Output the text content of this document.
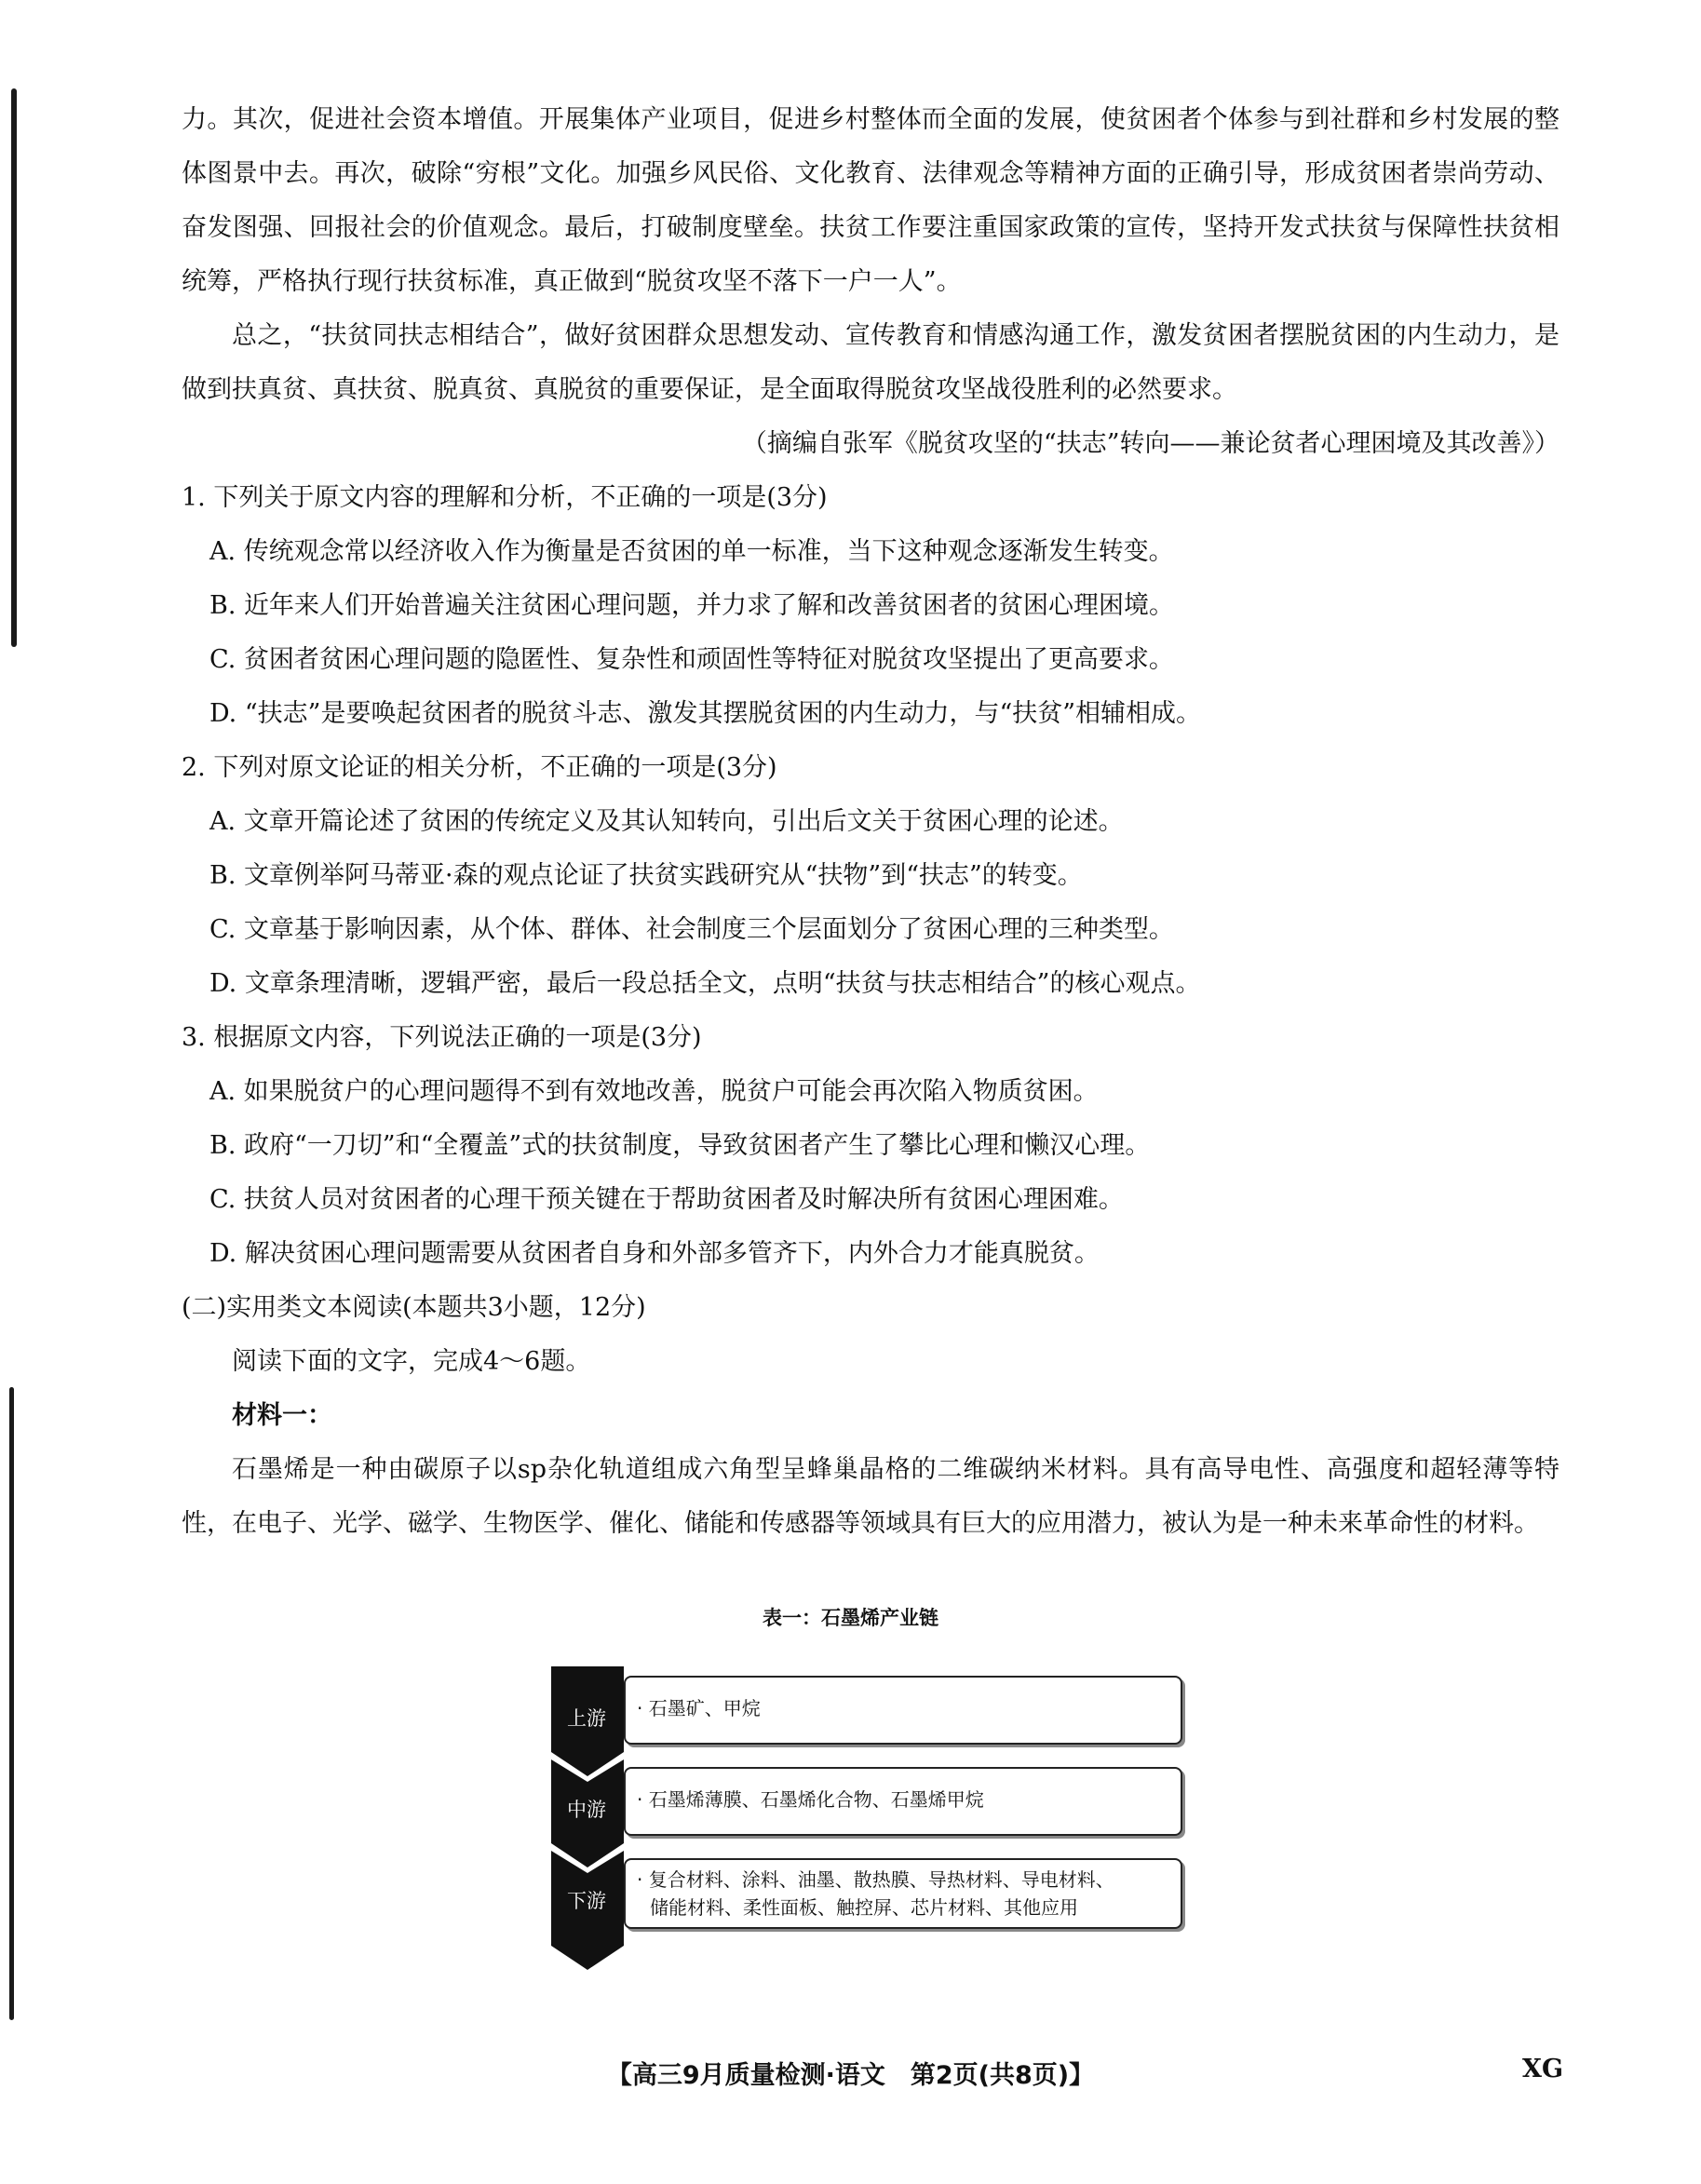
力。其次，促进社会资本增值。开展集体产业项目，促进乡村整体而全面的发展，使贫困者个体参与到社群和乡村发展的整体图景中去。再次，破除“穷根”文化。加强乡风民俗、文化教育、法律观念等精神方面的正确引导，形成贫困者崇尚劳动、奋发图强、回报社会的价值观念。最后，打破制度壁垒。扶贫工作要注重国家政策的宣传，坚持开发式扶贫与保障性扶贫相统筹，严格执行现行扶贫标准，真正做到“脱贫攻坚不落下一户一人”。

总之，“扶贫同扶志相结合”，做好贫困群众思想发动、宣传教育和情感沟通工作，激发贫困者摆脱贫困的内生动力，是做到扶真贫、真扶贫、脱真贫、真脱贫的重要保证，是全面取得脱贫攻坚战役胜利的必然要求。

（摘编自张军《脱贫攻坚的“扶志”转向——兼论贫者心理困境及其改善》）

1. 下列关于原文内容的理解和分析，不正确的一项是(3分)

A. 传统观念常以经济收入作为衡量是否贫困的单一标准，当下这种观念逐渐发生转变。

B. 近年来人们开始普遍关注贫困心理问题，并力求了解和改善贫困者的贫困心理困境。

C. 贫困者贫困心理问题的隐匿性、复杂性和顽固性等特征对脱贫攻坚提出了更高要求。

D. “扶志”是要唤起贫困者的脱贫斗志、激发其摆脱贫困的内生动力，与“扶贫”相辅相成。

2. 下列对原文论证的相关分析，不正确的一项是(3分)

A. 文章开篇论述了贫困的传统定义及其认知转向，引出后文关于贫困心理的论述。

B. 文章例举阿马蒂亚·森的观点论证了扶贫实践研究从“扶物”到“扶志”的转变。

C. 文章基于影响因素，从个体、群体、社会制度三个层面划分了贫困心理的三种类型。

D. 文章条理清晰，逻辑严密，最后一段总括全文，点明“扶贫与扶志相结合”的核心观点。

3. 根据原文内容，下列说法正确的一项是(3分)

A. 如果脱贫户的心理问题得不到有效地改善，脱贫户可能会再次陷入物质贫困。

B. 政府“一刀切”和“全覆盖”式的扶贫制度，导致贫困者产生了攀比心理和懒汉心理。

C. 扶贫人员对贫困者的心理干预关键在于帮助贫困者及时解决所有贫困心理困难。

D. 解决贫困心理问题需要从贫困者自身和外部多管齐下，内外合力才能真脱贫。

(二)实用类文本阅读(本题共3小题，12分)

阅读下面的文字，完成4～6题。

材料一：

石墨烯是一种由碳原子以sp杂化轨道组成六角型呈蜂巢晶格的二维碳纳米材料。具有高导电性、高强度和超轻薄等特性，在电子、光学、磁学、生物医学、催化、储能和传感器等领域具有巨大的应用潜力，被认为是一种未来革命性的材料。

表一：石墨烯产业链
上游
中游
下游
· 石墨矿、甲烷
· 石墨烯薄膜、石墨烯化合物、石墨烯甲烷
· 复合材料、涂料、油墨、散热膜、导热材料、导电材料、
储能材料、柔性面板、触控屏、芯片材料、其他应用
【高三9月质量检测·语文　第2页(共8页)】	XG
